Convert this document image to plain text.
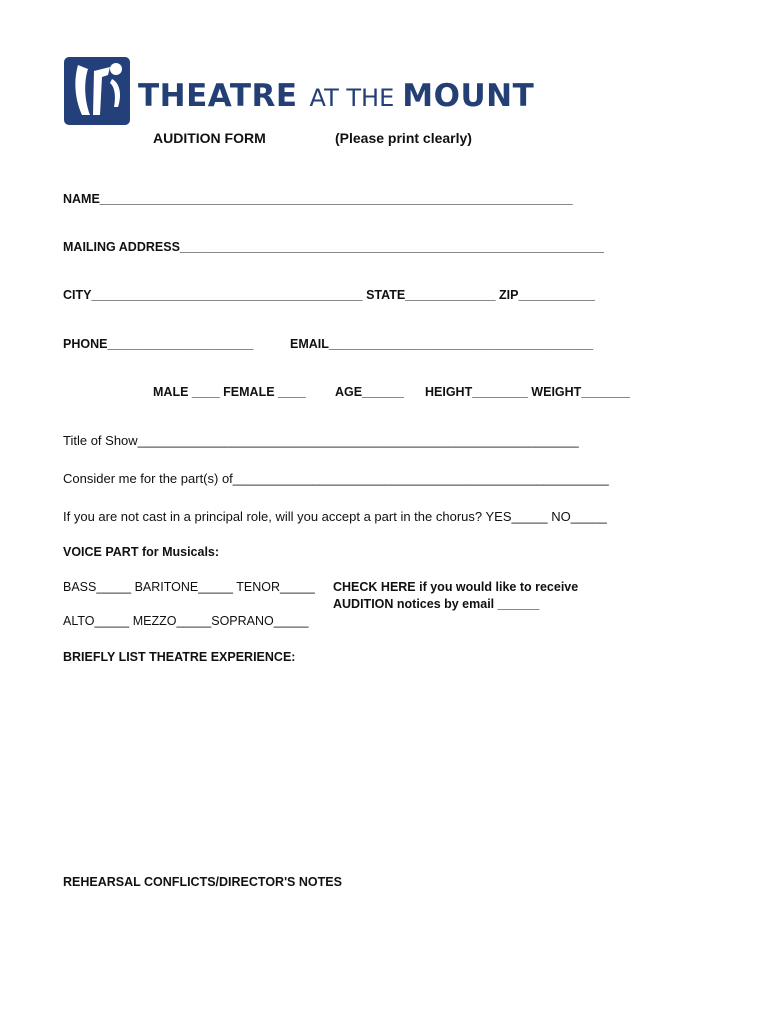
THEATRE AT THE MOUNT
AUDITION FORM	(Please print clearly)
NAME____________________________________________________________________
MAILING ADDRESS_____________________________________________________________
CITY_______________________________________ STATE_____________ ZIP___________
PHONE_____________________	EMAIL______________________________________
MALE ____ FEMALE ____ AGE______ HEIGHT________ WEIGHT_______
Title of Show_____________________________________________________________
Consider me for the part(s) of____________________________________________________
If you are not cast in a principal role, will you accept a part in the chorus? YES_____ NO_____
VOICE PART for Musicals:
BASS_____ BARITONE_____ TENOR_____
ALTO_____ MEZZO_____SOPRANO_____
CHECK HERE if you would like to receive
AUDITION notices by email ______
BRIEFLY LIST THEATRE EXPERIENCE:
REHEARSAL CONFLICTS/DIRECTOR'S NOTES
